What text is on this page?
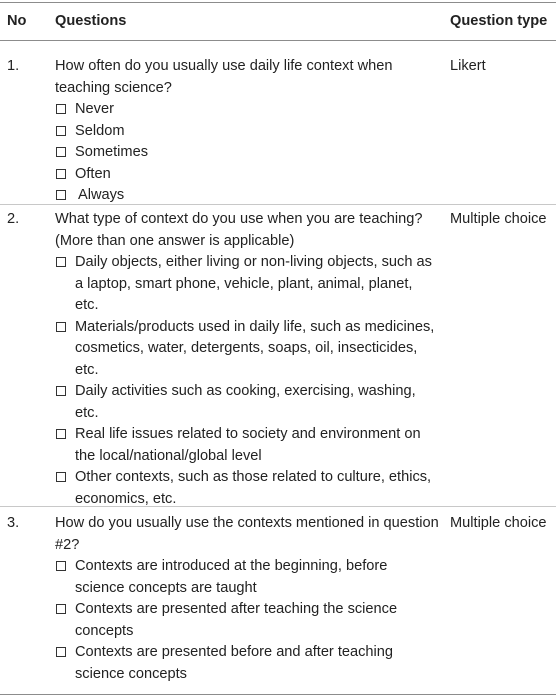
No Questions	Question type
1. How often do you usually use daily life context when teaching science?

Never
Seldom
Sometimes
Often
Always
Likert
2. What type of context do you use when you are teaching? (More than one answer is applicable)

Daily objects, either living or non-living objects, such as a laptop, smart phone, vehicle, plant, animal, planet, etc.
Materials/products used in daily life, such as medicines, cosmetics, water, detergents, soaps, oil, insecticides, etc.
Daily activities such as cooking, exercising, washing, etc.
Real life issues related to society and environment on the local/national/global level
Other contexts, such as those related to culture, ethics, economics, etc.
Multiple choice
3. How do you usually use the contexts mentioned in question #2?

Contexts are introduced at the beginning, before science concepts are taught
Contexts are presented after teaching the science concepts
Contexts are presented before and after teaching science concepts
Multiple choice
